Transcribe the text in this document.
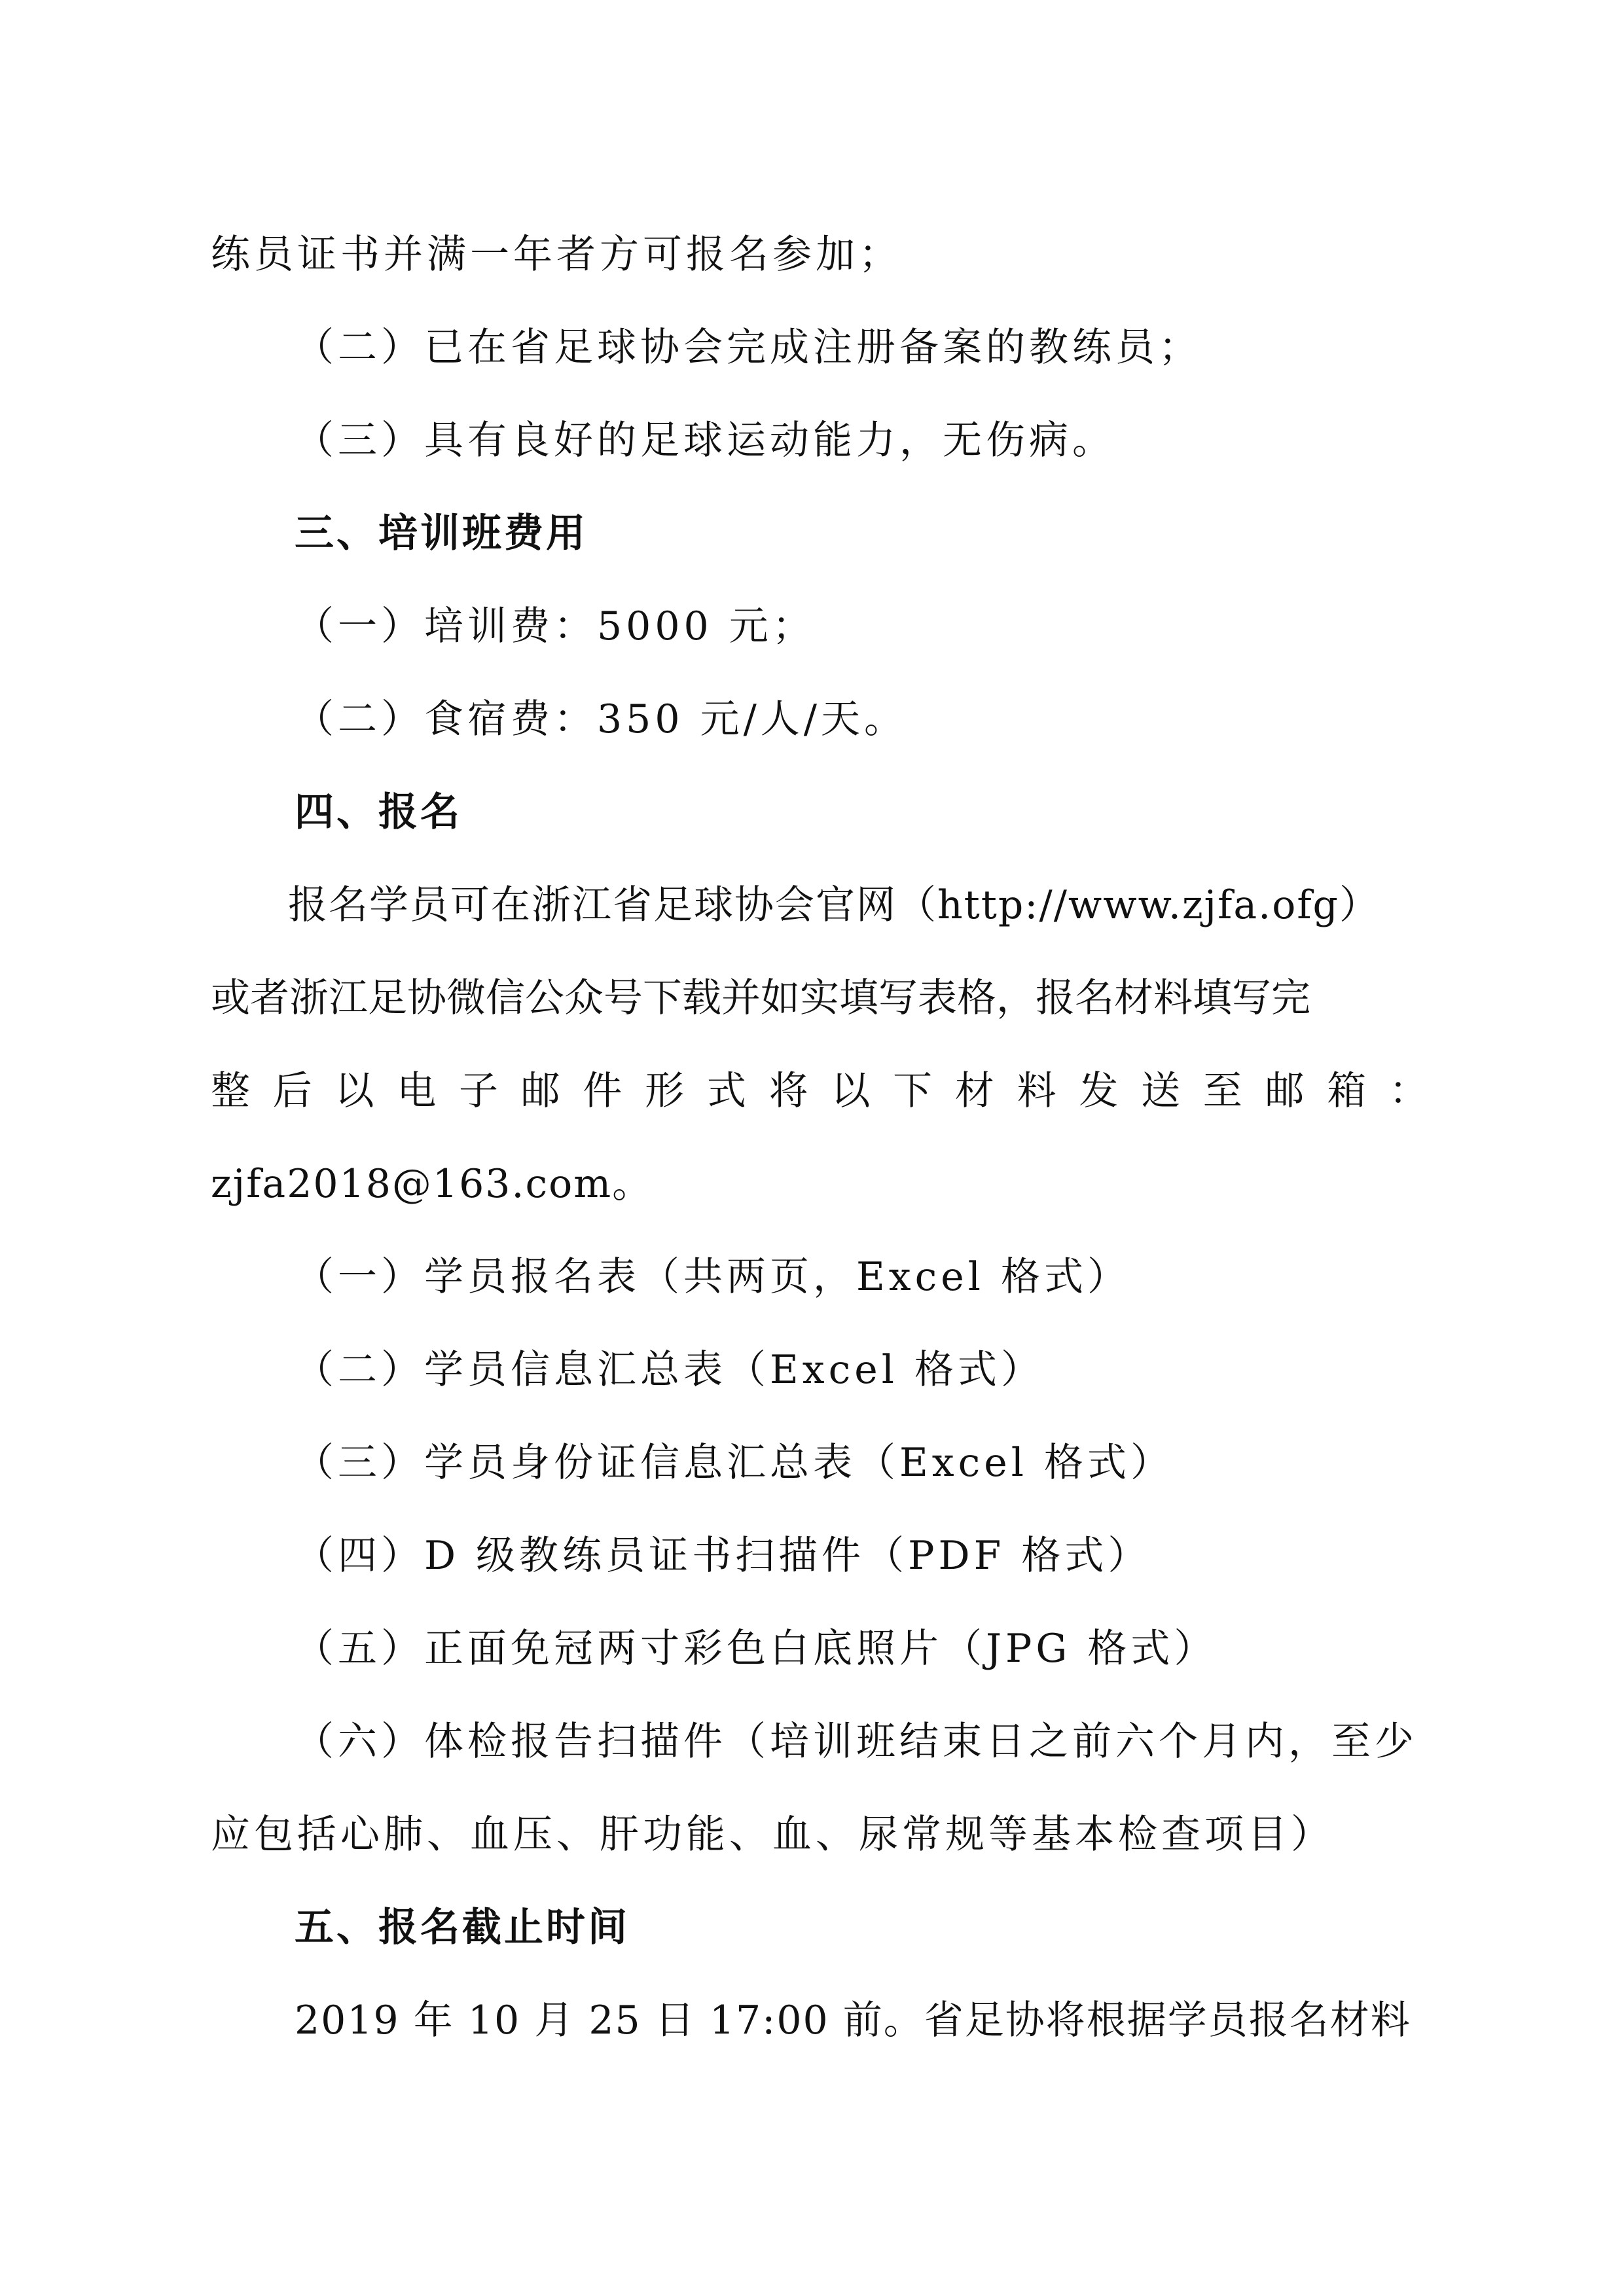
练员证书并满一年者方可报名参加；
（二）已在省足球协会完成注册备案的教练员；
（三）具有良好的足球运动能力，无伤病。
三、培训班费用
（一）培训费：5000 元；
（二）食宿费：350 元/人/天。
四、报名
报名学员可在浙江省足球协会官网（http://www.zjfa.ofg）
或者浙江足协微信公众号下载并如实填写表格，报名材料填写完
整后以电子邮件形式将以下材料发送至邮箱：
zjfa2018@163.com。
（一）学员报名表（共两页，Excel 格式）
（二）学员信息汇总表（Excel 格式）
（三）学员身份证信息汇总表（Excel 格式）
（四）D 级教练员证书扫描件（PDF 格式）
（五）正面免冠两寸彩色白底照片（JPG 格式）
（六）体检报告扫描件（培训班结束日之前六个月内，至少
应包括心肺、血压、肝功能、血、尿常规等基本检查项目）
五、报名截止时间
2019 年 10 月 25 日 17:00 前。省足协将根据学员报名材料
